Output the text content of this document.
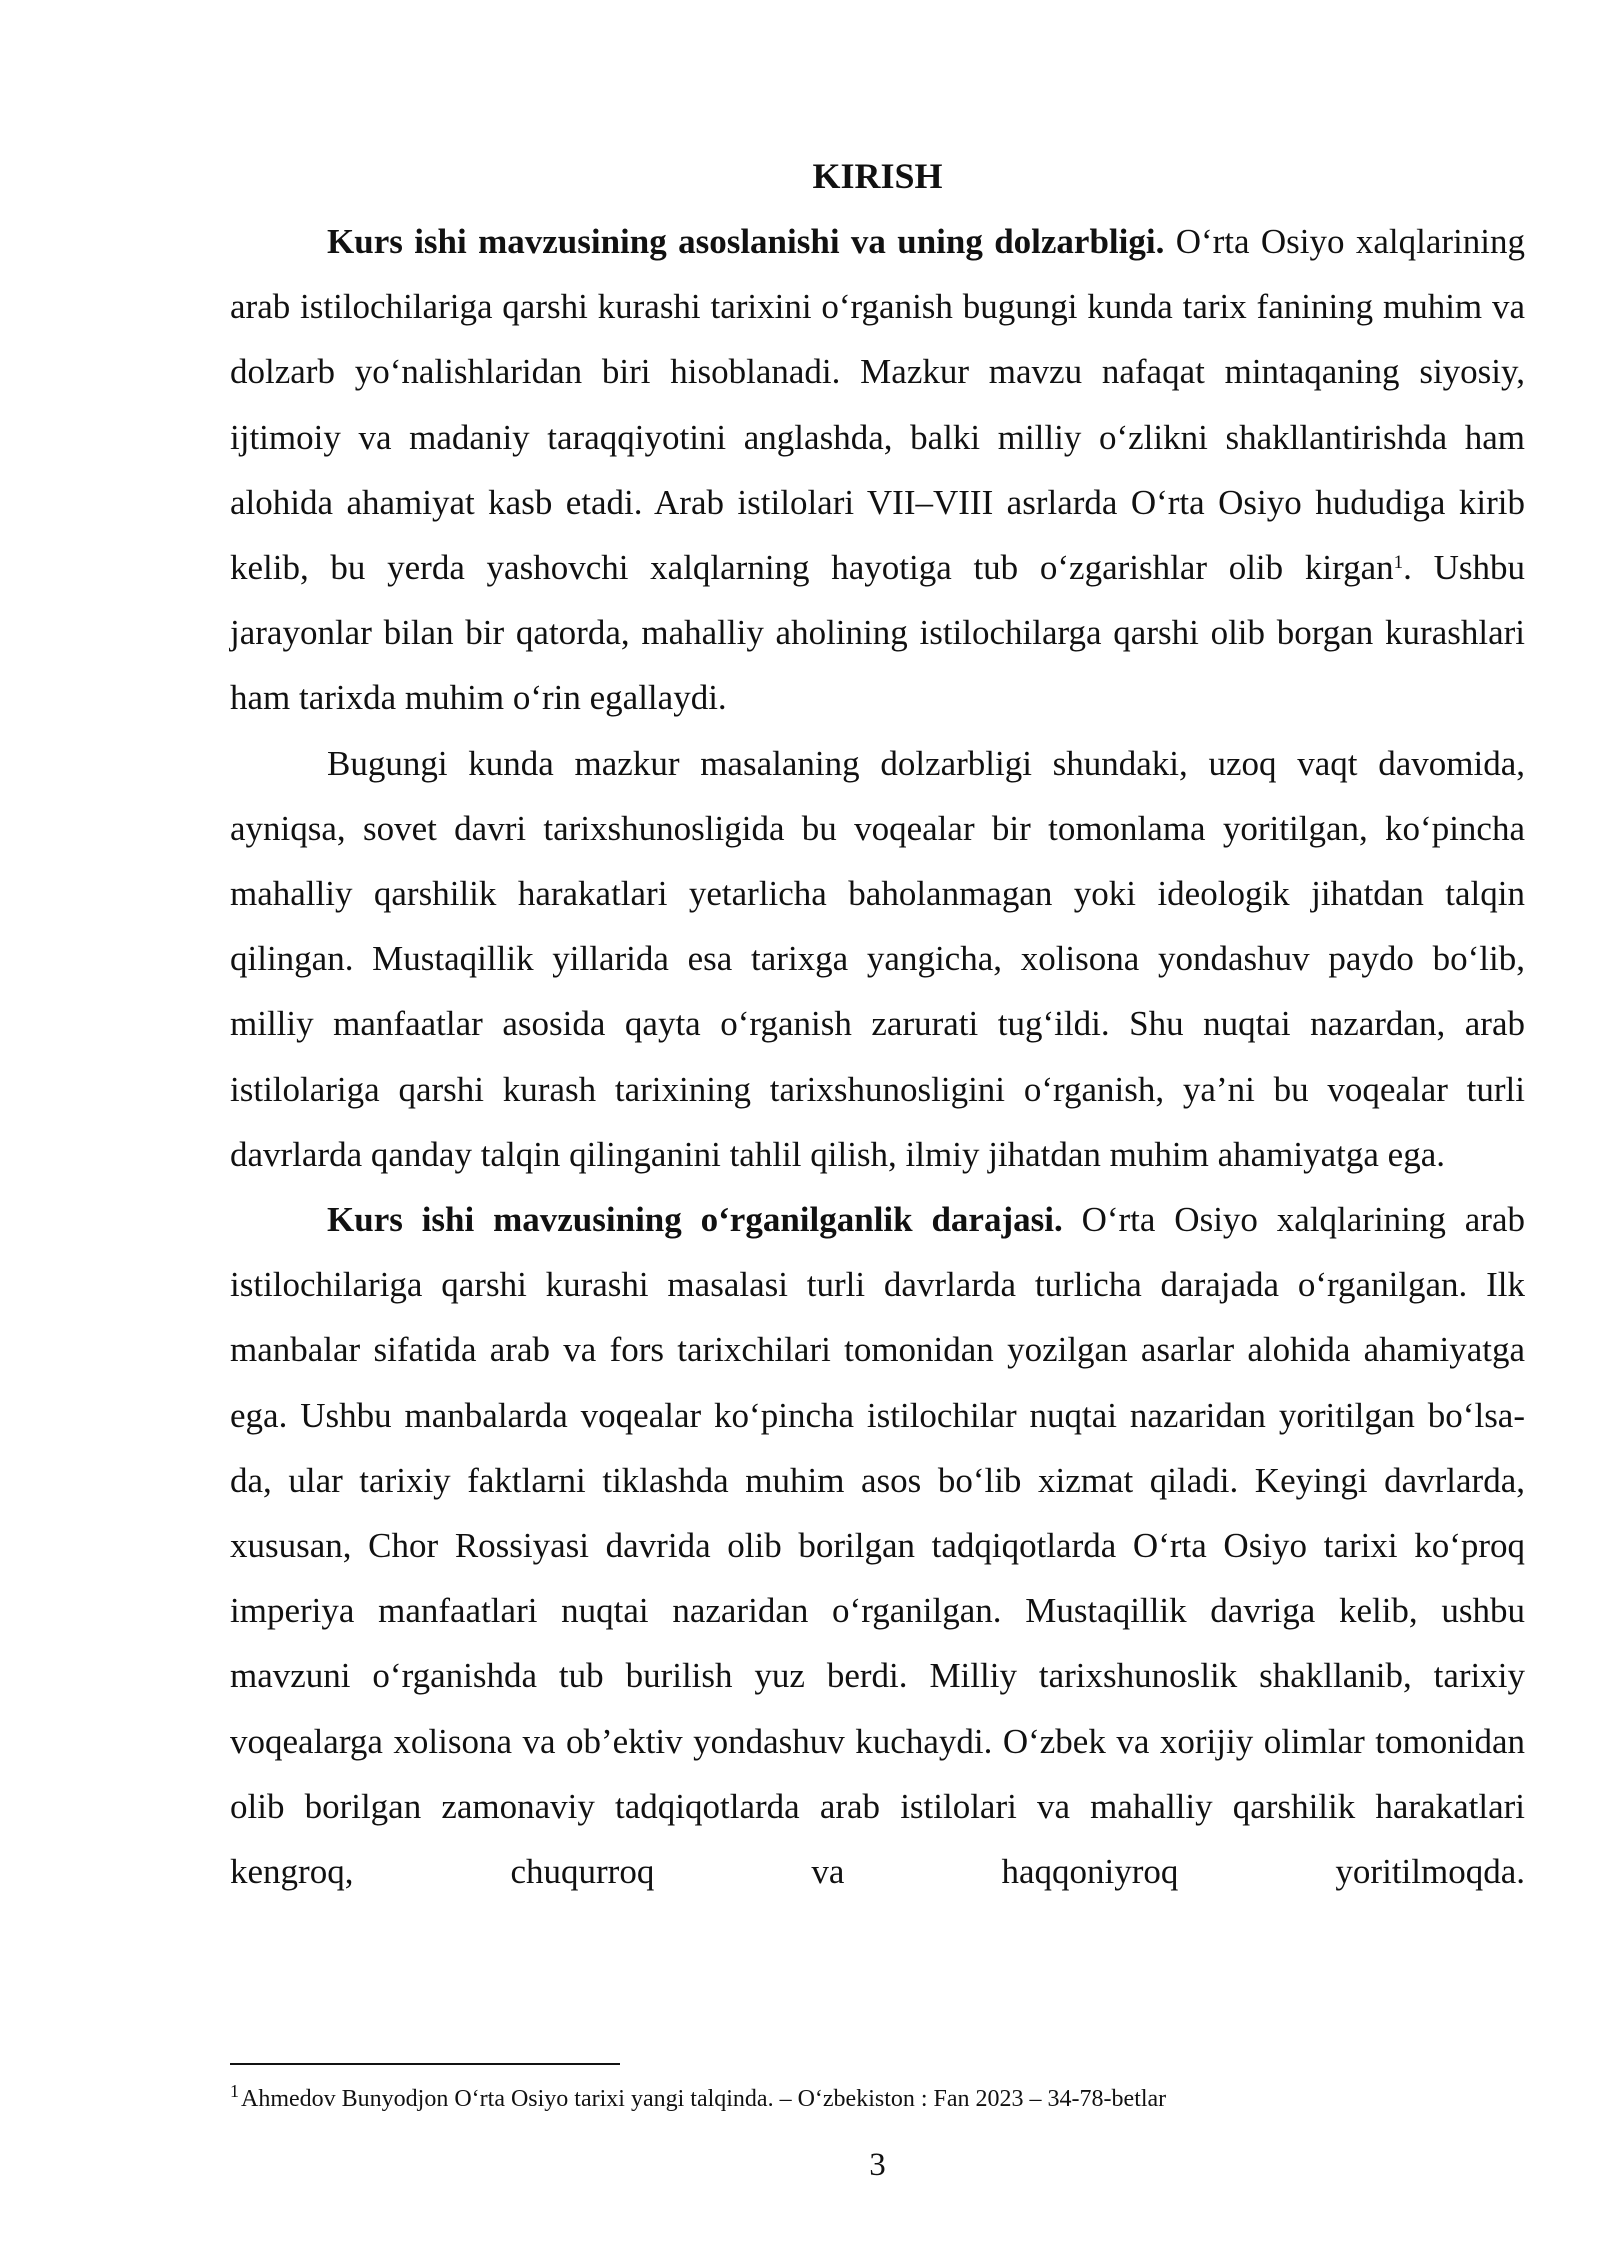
KIRISH

Kurs ishi mavzusining asoslanishi va uning dolzarbligi. O‘rta Osiyo xalqlarining arab istilochilariga qarshi kurashi tarixini o‘rganish bugungi kunda tarix fanining muhim va dolzarb yo‘nalishlaridan biri hisoblanadi. Mazkur mavzu nafaqat mintaqaning siyosiy, ijtimoiy va madaniy taraqqiyotini anglashda, balki milliy o‘zlikni shakllantirishda ham alohida ahamiyat kasb etadi. Arab istilolari VII–VIII asrlarda O‘rta Osiyo hududiga kirib kelib, bu yerda yashovchi xalqlarning hayotiga tub o‘zgarishlar olib kirgan$^1$. Ushbu jarayonlar bilan bir qatorda, mahalliy aholining istilochilarga qarshi olib borgan kurashlari ham tarixda muhim o‘rin egallaydi.

Bugungi kunda mazkur masalaning dolzarbligi shundaki, uzoq vaqt davomida, ayniqsa, sovet davri tarixshunosligida bu voqealar bir tomonlama yoritilgan, ko‘pincha mahalliy qarshilik harakatlari yetarlicha baholanmagan yoki ideologik jihatdan talqin qilingan. Mustaqillik yillarida esa tarixga yangicha, xolisona yondashuv paydo bo‘lib, milliy manfaatlar asosida qayta o‘rganish zarurati tug‘ildi. Shu nuqtai nazardan, arab istilolariga qarshi kurash tarixining tarixshunosligini o‘rganish, ya’ni bu voqealar turli davrlarda qanday talqin qilinganini tahlil qilish, ilmiy jihatdan muhim ahamiyatga ega.

Kurs ishi mavzusining o‘rganilganlik darajasi. O‘rta Osiyo xalqlarining arab istilochilariga qarshi kurashi masalasi turli davrlarda turlicha darajada o‘rganilgan. Ilk manbalar sifatida arab va fors tarixchilari tomonidan yozilgan asarlar alohida ahamiyatga ega. Ushbu manbalarda voqealar ko‘pincha istilochilar nuqtai nazaridan yoritilgan bo‘lsa-da, ular tarixiy faktlarni tiklashda muhim asos bo‘lib xizmat qiladi. Keyingi davrlarda, xususan, Chor Rossiyasi davrida olib borilgan tadqiqotlarda O‘rta Osiyo tarixi ko‘proq imperiya manfaatlari nuqtai nazaridan o‘rganilgan. Mustaqillik davriga kelib, ushbu mavzuni o‘rganishda tub burilish yuz berdi. Milliy tarixshunoslik shakllanib, tarixiy voqealarga xolisona va ob’ektiv yondashuv kuchaydi. O‘zbek va xorijiy olimlar tomonidan olib borilgan zamonaviy tadqiqotlarda arab istilolari va mahalliy qarshilik harakatlari kengroq, chuqurroq va haqqoniyroq yoritilmoqda.

$^1$Ahmedov Bunyodjon O‘rta Osiyo tarixi yangi talqinda. – O‘zbekiston : Fan 2023 – 34-78-betlar
3
